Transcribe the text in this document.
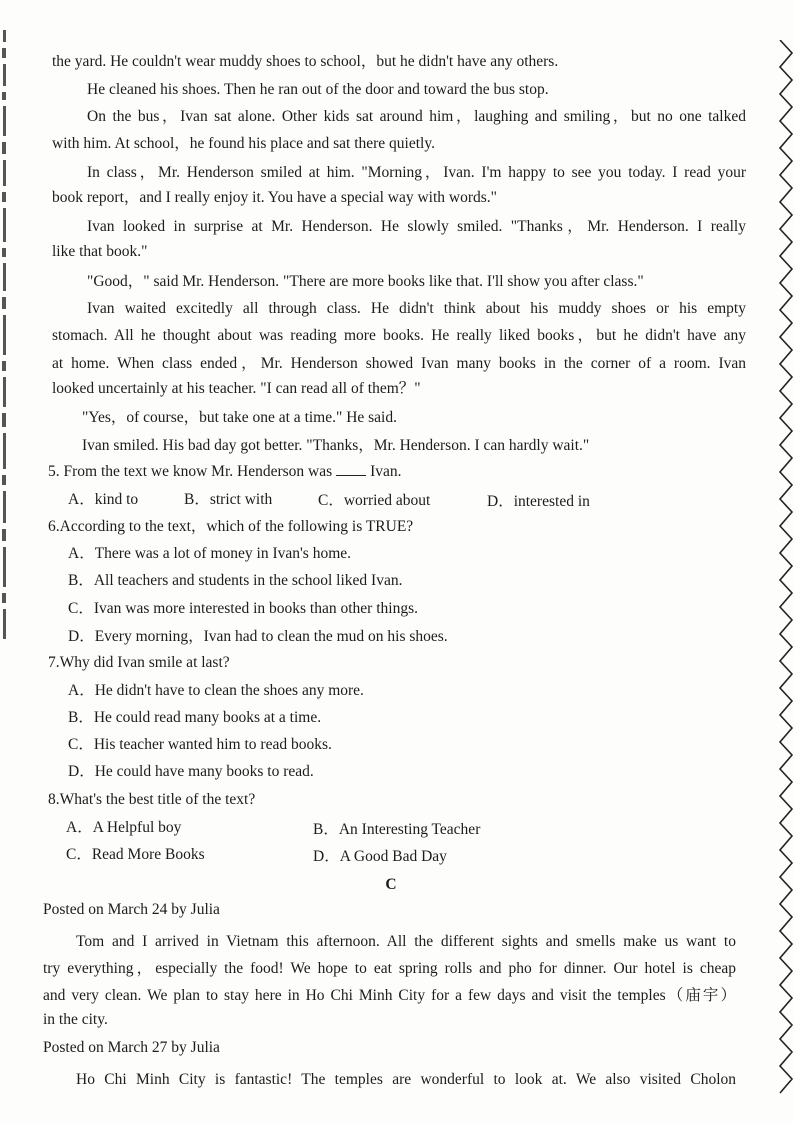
the yard. He couldn't wear muddy shoes to school，but he didn't have any others.
He cleaned his shoes. Then he ran out of the door and toward the bus stop.
On the bus，Ivan sat alone. Other kids sat around him，laughing and smiling，but no one talked
with him. At school，he found his place and sat there quietly.
In class，Mr. Henderson smiled at him. "Morning，Ivan. I'm happy to see you today. I read your
book report，and I really enjoy it. You have a special way with words."
Ivan looked in surprise at Mr. Henderson. He slowly smiled. "Thanks，Mr. Henderson. I really
like that book."
"Good，" said Mr. Henderson. "There are more books like that. I'll show you after class."
Ivan waited excitedly all through class. He didn't think about his muddy shoes or his empty
stomach. All he thought about was reading more books. He really liked books，but he didn't have any
at home. When class ended，Mr. Henderson showed Ivan many books in the corner of a room. Ivan
looked uncertainly at his teacher. "I can read all of them？"
"Yes，of course，but take one at a time." He said.
Ivan smiled. His bad day got better. "Thanks，Mr. Henderson. I can hardly wait."
5. From the text we know Mr. Henderson was Ivan.
A．kind to	B．strict with	C．worried about	D．interested in
6.According to the text，which of the following is TRUE?
A．There was a lot of money in Ivan's home.
B．All teachers and students in the school liked Ivan.
C．Ivan was more interested in books than other things.
D．Every morning，Ivan had to clean the mud on his shoes.
7.Why did Ivan smile at last?
A．He didn't have to clean the shoes any more.
B．He could read many books at a time.
C．His teacher wanted him to read books.
D．He could have many books to read.
8.What's the best title of the text?
A．A Helpful boy	B．An Interesting Teacher
C．Read More Books	D．A Good Bad Day
C
Posted on March 24 by Julia
Tom and I arrived in Vietnam this afternoon. All the different sights and smells make us want to
try everything，especially the food! We hope to eat spring rolls and pho for dinner. Our hotel is cheap
and very clean. We plan to stay here in Ho Chi Minh City for a few days and visit the temples（庙宇）
in the city.
Posted on March 27 by Julia
Ho Chi Minh City is fantastic! The temples are wonderful to look at. We also visited Cholon
